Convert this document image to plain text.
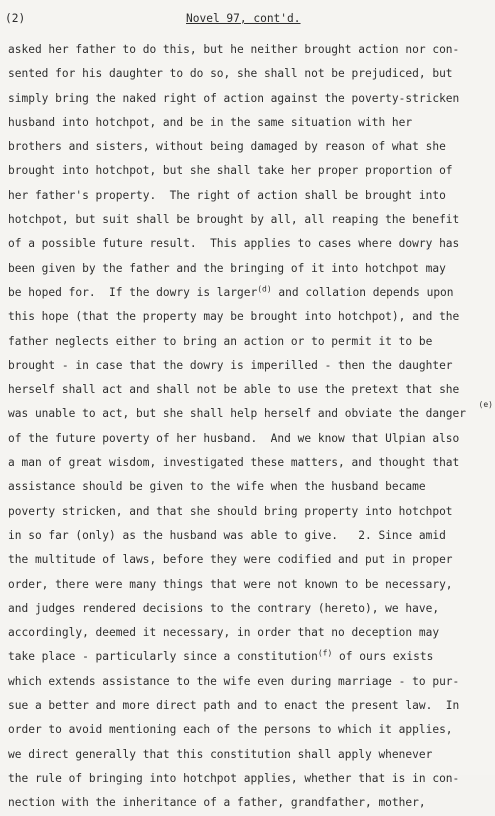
(2)	Novel 97, cont'd.
asked her father to do this, but he neither brought action nor con-
sented for his daughter to do so, she shall not be prejudiced, but
simply bring the naked right of action against the poverty-stricken
husband into hotchpot, and be in the same situation with her
brothers and sisters, without being damaged by reason of what she
brought into hotchpot, but she shall take her proper proportion of
her father's property.  The right of action shall be brought into
hotchpot, but suit shall be brought by all, all reaping the benefit
of a possible future result.  This applies to cases where dowry has
been given by the father and the bringing of it into hotchpot may
be hoped for.  If the dowry is larger$^{(d)}$ and collation depends upon
this hope (that the property may be brought into hotchpot), and the
father neglects either to bring an action or to permit it to be
brought - in case that the dowry is imperilled - then the daughter
herself shall act and shall not be able to use the pretext that she
was unable to act, but she shall help herself and obviate the danger
of the future poverty of her husband.  And we know that Ulpian also
a man of great wisdom, investigated these matters, and thought that
assistance should be given to the wife when the husband became
poverty stricken, and that she should bring property into hotchpot
in so far (only) as the husband was able to give.   2. Since amid
the multitude of laws, before they were codified and put in proper
order, there were many things that were not known to be necessary,
and judges rendered decisions to the contrary (hereto), we have,
accordingly, deemed it necessary, in order that no deception may
take place - particularly since a constitution$^{(f)}$ of ours exists
which extends assistance to the wife even during marriage - to pur-
sue a better and more direct path and to enact the present law.  In
order to avoid mentioning each of the persons to which it applies,
we direct generally that this constitution shall apply whenever
the rule of bringing into hotchpot applies, whether that is in con-
nection with the inheritance of a father, grandfather, mother,
(e)
